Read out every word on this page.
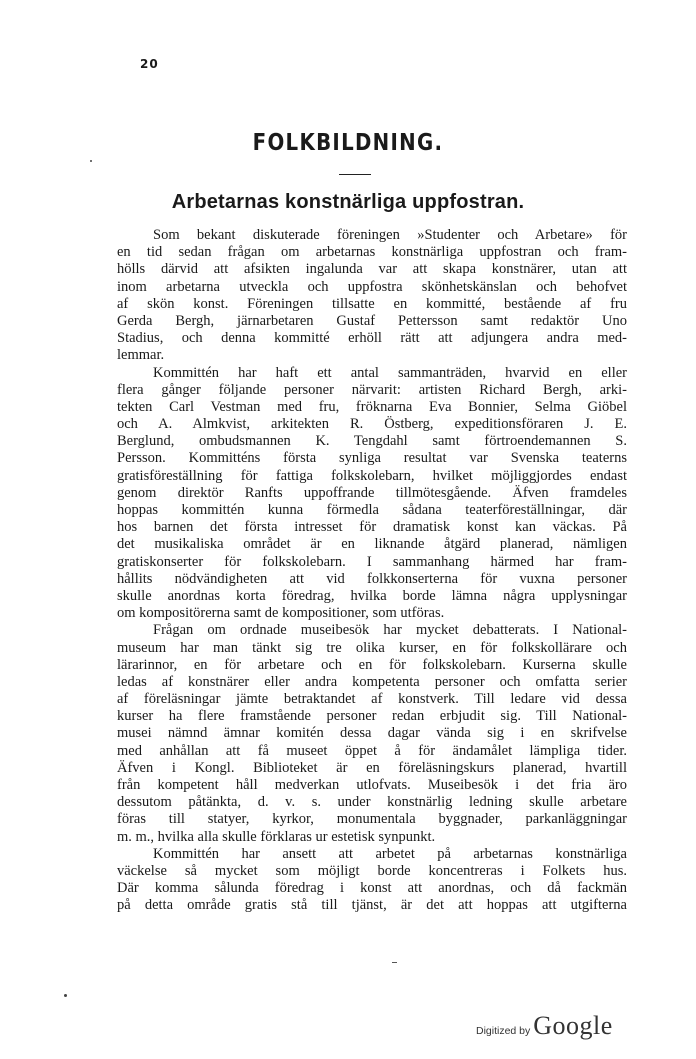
20
FOLKBILDNING.
Arbetarnas konstnärliga uppfostran.
Som bekant diskuterade föreningen »Studenter och Arbetare» för
en tid sedan frågan om arbetarnas konstnärliga uppfostran och fram-
hölls därvid att afsikten ingalunda var att skapa konstnärer, utan att
inom arbetarna utveckla och uppfostra skönhetskänslan och behofvet
af skön konst. Föreningen tillsatte en kommitté, bestående af fru
Gerda Bergh, järnarbetaren Gustaf Pettersson samt redaktör Uno
Stadius, och denna kommitté erhöll rätt att adjungera andra med-
lemmar.
Kommittén har haft ett antal sammanträden, hvarvid en eller
flera gånger följande personer närvarit: artisten Richard Bergh, arki-
tekten Carl Vestman med fru, fröknarna Eva Bonnier, Selma Giöbel
och A. Almkvist, arkitekten R. Östberg, expeditionsföraren J. E.
Berglund, ombudsmannen K. Tengdahl samt förtroendemannen S.
Persson. Kommitténs första synliga resultat var Svenska teaterns
gratisföreställning för fattiga folkskolebarn, hvilket möjliggjordes endast
genom direktör Ranfts uppoffrande tillmötesgående. Äfven framdeles
hoppas kommittén kunna förmedla sådana teaterföreställningar, där
hos barnen det första intresset för dramatisk konst kan väckas. På
det musikaliska området är en liknande åtgärd planerad, nämligen
gratiskonserter för folkskolebarn. I sammanhang härmed har fram-
hållits nödvändigheten att vid folkkonserterna för vuxna personer
skulle anordnas korta föredrag, hvilka borde lämna några upplysningar
om kompositörerna samt de kompositioner, som utföras.
Frågan om ordnade museibesök har mycket debatterats. I National-
museum har man tänkt sig tre olika kurser, en för folkskollärare och
lärarinnor, en för arbetare och en för folkskolebarn. Kurserna skulle
ledas af konstnärer eller andra kompetenta personer och omfatta serier
af föreläsningar jämte betraktandet af konstverk. Till ledare vid dessa
kurser ha flere framstående personer redan erbjudit sig. Till National-
musei nämnd ämnar komitén dessa dagar vända sig i en skrifvelse
med anhållan att få museet öppet å för ändamålet lämpliga tider.
Äfven i Kongl. Biblioteket är en föreläsningskurs planerad, hvartill
från kompetent håll medverkan utlofvats. Museibesök i det fria äro
dessutom påtänkta, d. v. s. under konstnärlig ledning skulle arbetare
föras till statyer, kyrkor, monumentala byggnader, parkanläggningar
m. m., hvilka alla skulle förklaras ur estetisk synpunkt.
Kommittén har ansett att arbetet på arbetarnas konstnärliga
väckelse så mycket som möjligt borde koncentreras i Folkets hus.
Där komma sålunda föredrag i konst att anordnas, och då fackmän
på detta område gratis stå till tjänst, är det att hoppas att utgifterna
Digitized by Google
